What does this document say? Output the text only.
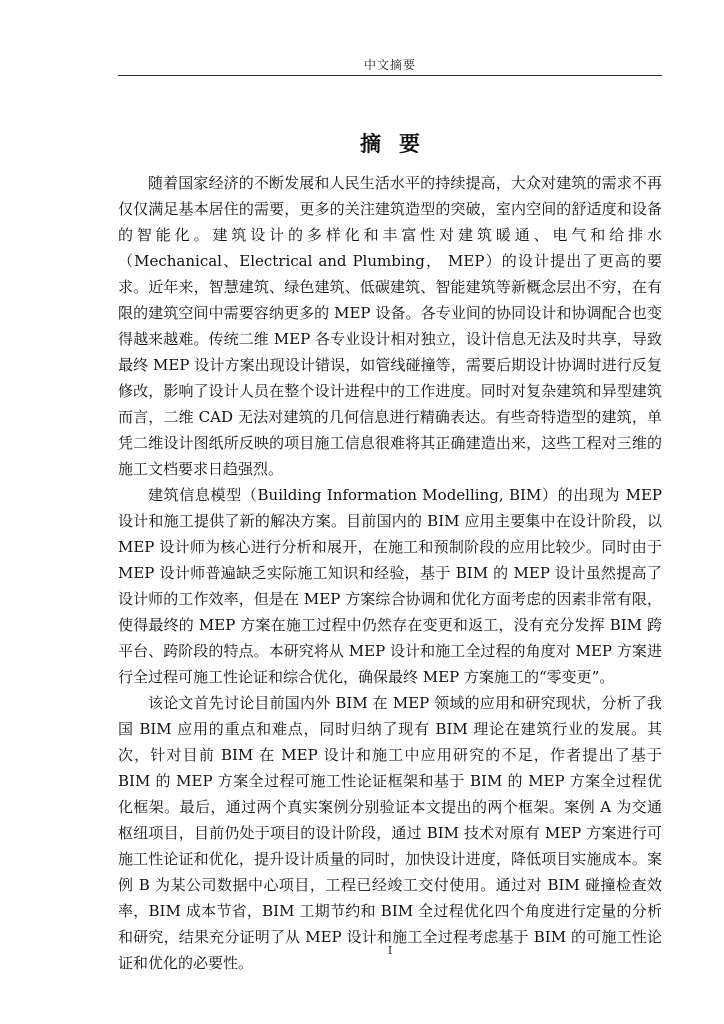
中文摘要
摘要

随着国家经济的不断发展和人民生活水平的持续提高，大众对建筑的需求不再仅仅满足基本居住的需要，更多的关注建筑造型的突破，室内空间的舒适度和设备的智能化。建筑设计的多样化和丰富性对建筑暖通、电气和给排水（Mechanical、Electrical and Plumbing， MEP）的设计提出了更高的要求。近年来，智慧建筑、绿色建筑、低碳建筑、智能建筑等新概念层出不穷，在有限的建筑空间中需要容纳更多的 MEP 设备。各专业间的协同设计和协调配合也变得越来越难。传统二维 MEP 各专业设计相对独立，设计信息无法及时共享，导致最终 MEP 设计方案出现设计错误，如管线碰撞等，需要后期设计协调时进行反复修改，影响了设计人员在整个设计进程中的工作进度。同时对复杂建筑和异型建筑而言，二维 CAD 无法对建筑的几何信息进行精确表达。有些奇特造型的建筑，单凭二维设计图纸所反映的项目施工信息很难将其正确建造出来，这些工程对三维的施工文档要求日趋强烈。

建筑信息模型（Building Information Modelling, BIM）的出现为 MEP 设计和施工提供了新的解决方案。目前国内的 BIM 应用主要集中在设计阶段，以 MEP 设计师为核心进行分析和展开，在施工和预制阶段的应用比较少。同时由于 MEP 设计师普遍缺乏实际施工知识和经验，基于 BIM 的 MEP 设计虽然提高了设计师的工作效率，但是在 MEP 方案综合协调和优化方面考虑的因素非常有限，使得最终的 MEP 方案在施工过程中仍然存在变更和返工，没有充分发挥 BIM 跨平台、跨阶段的特点。本研究将从 MEP 设计和施工全过程的角度对 MEP 方案进行全过程可施工性论证和综合优化，确保最终 MEP 方案施工的“零变更”。

该论文首先讨论目前国内外 BIM 在 MEP 领域的应用和研究现状，分析了我国 BIM 应用的重点和难点，同时归纳了现有 BIM 理论在建筑行业的发展。其次，针对目前 BIM 在 MEP 设计和施工中应用研究的不足，作者提出了基于 BIM 的 MEP 方案全过程可施工性论证框架和基于 BIM 的 MEP 方案全过程优化框架。最后，通过两个真实案例分别验证本文提出的两个框架。案例 A 为交通枢纽项目，目前仍处于项目的设计阶段，通过 BIM 技术对原有 MEP 方案进行可施工性论证和优化，提升设计质量的同时，加快设计进度，降低项目实施成本。案例 B 为某公司数据中心项目，工程已经竣工交付使用。通过对 BIM 碰撞检查效率，BIM 成本节省，BIM 工期节约和 BIM 全过程优化四个角度进行定量的分析和研究，结果充分证明了从 MEP 设计和施工全过程考虑基于 BIM 的可施工性论证和优化的必要性。

I
